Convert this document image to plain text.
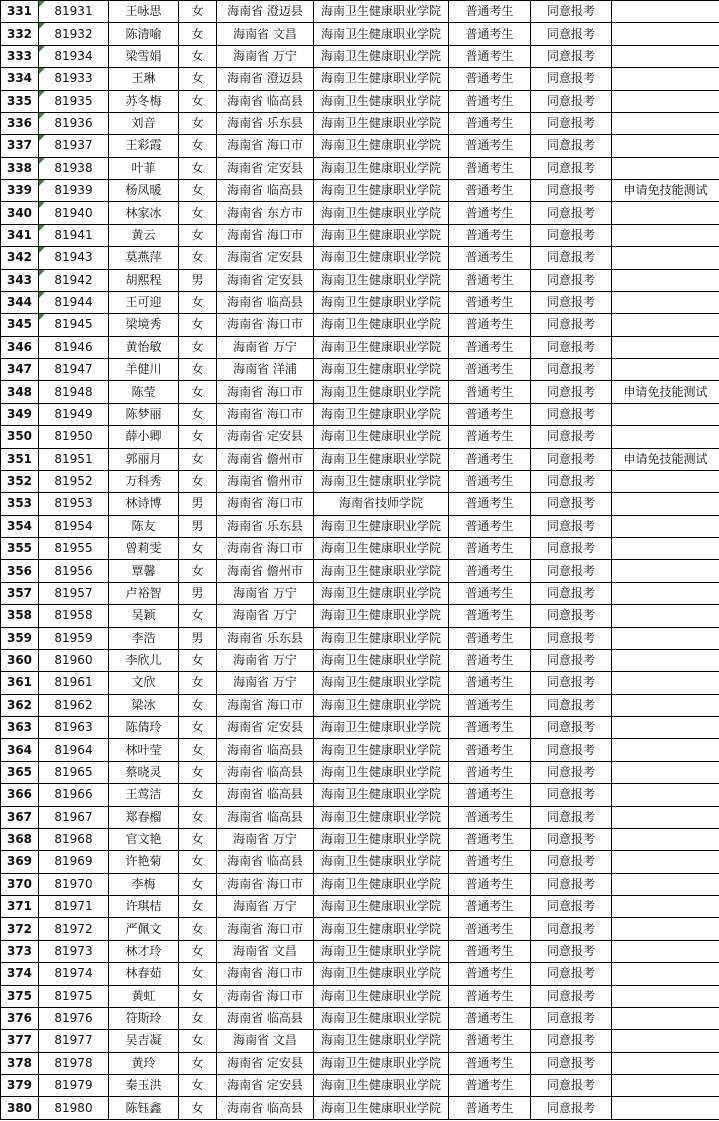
331	81931	王咏思	女	海南省 澄迈县	海南卫生健康职业学院	普通考生	同意报考	
332	81932	陈清喻	女	海南省 文昌	海南卫生健康职业学院	普通考生	同意报考	
333	81934	梁雪娟	女	海南省 万宁	海南卫生健康职业学院	普通考生	同意报考	
334	81933	王琳	女	海南省 澄迈县	海南卫生健康职业学院	普通考生	同意报考	
335	81935	苏冬梅	女	海南省 临高县	海南卫生健康职业学院	普通考生	同意报考	
336	81936	刘音	女	海南省 乐东县	海南卫生健康职业学院	普通考生	同意报考	
337	81937	王彩霞	女	海南省 海口市	海南卫生健康职业学院	普通考生	同意报考	
338	81938	叶菲	女	海南省 定安县	海南卫生健康职业学院	普通考生	同意报考	
339	81939	杨凤暖	女	海南省 临高县	海南卫生健康职业学院	普通考生	同意报考	申请免技能测试
340	81940	林家冰	女	海南省 东方市	海南卫生健康职业学院	普通考生	同意报考	
341	81941	黄云	女	海南省 海口市	海南卫生健康职业学院	普通考生	同意报考	
342	81943	莫燕萍	女	海南省 定安县	海南卫生健康职业学院	普通考生	同意报考	
343	81942	胡熙程	男	海南省 定安县	海南卫生健康职业学院	普通考生	同意报考	
344	81944	王可迎	女	海南省 临高县	海南卫生健康职业学院	普通考生	同意报考	
345	81945	梁境秀	女	海南省 海口市	海南卫生健康职业学院	普通考生	同意报考	
346	81946	黄怡敏	女	海南省 万宁	海南卫生健康职业学院	普通考生	同意报考	
347	81947	羊健川	女	海南省 洋浦	海南卫生健康职业学院	普通考生	同意报考	
348	81948	陈莹	女	海南省 海口市	海南卫生健康职业学院	普通考生	同意报考	申请免技能测试
349	81949	陈梦丽	女	海南省 海口市	海南卫生健康职业学院	普通考生	同意报考	
350	81950	薛小卿	女	海南省 定安县	海南卫生健康职业学院	普通考生	同意报考	
351	81951	郭丽月	女	海南省 儋州市	海南卫生健康职业学院	普通考生	同意报考	申请免技能测试
352	81952	万科秀	女	海南省 儋州市	海南卫生健康职业学院	普通考生	同意报考	
353	81953	林诗博	男	海南省 海口市	海南省技师学院	普通考生	同意报考	
354	81954	陈友	男	海南省 乐东县	海南卫生健康职业学院	普通考生	同意报考	
355	81955	曾莉雯	女	海南省 海口市	海南卫生健康职业学院	普通考生	同意报考	
356	81956	覃馨	女	海南省 儋州市	海南卫生健康职业学院	普通考生	同意报考	
357	81957	卢裕智	男	海南省 万宁	海南卫生健康职业学院	普通考生	同意报考	
358	81958	吴颖	女	海南省 万宁	海南卫生健康职业学院	普通考生	同意报考	
359	81959	李浩	男	海南省 乐东县	海南卫生健康职业学院	普通考生	同意报考	
360	81960	李欣儿	女	海南省 万宁	海南卫生健康职业学院	普通考生	同意报考	
361	81961	文欣	女	海南省 万宁	海南卫生健康职业学院	普通考生	同意报考	
362	81962	梁冰	女	海南省 海口市	海南卫生健康职业学院	普通考生	同意报考	
363	81963	陈倩玲	女	海南省 定安县	海南卫生健康职业学院	普通考生	同意报考	
364	81964	林叶莹	女	海南省 临高县	海南卫生健康职业学院	普通考生	同意报考	
365	81965	蔡晓灵	女	海南省 临高县	海南卫生健康职业学院	普通考生	同意报考	
366	81966	王莺洁	女	海南省 临高县	海南卫生健康职业学院	普通考生	同意报考	
367	81967	郑春榴	女	海南省 临高县	海南卫生健康职业学院	普通考生	同意报考	
368	81968	官文艳	女	海南省 万宁	海南卫生健康职业学院	普通考生	同意报考	
369	81969	许艳菊	女	海南省 临高县	海南卫生健康职业学院	普通考生	同意报考	
370	81970	李梅	女	海南省 海口市	海南卫生健康职业学院	普通考生	同意报考	
371	81971	许琪桔	女	海南省 万宁	海南卫生健康职业学院	普通考生	同意报考	
372	81972	严佩文	女	海南省 海口市	海南卫生健康职业学院	普通考生	同意报考	
373	81973	林才玲	女	海南省 文昌	海南卫生健康职业学院	普通考生	同意报考	
374	81974	林春茹	女	海南省 海口市	海南卫生健康职业学院	普通考生	同意报考	
375	81975	黄虹	女	海南省 海口市	海南卫生健康职业学院	普通考生	同意报考	
376	81976	符斯玲	女	海南省 临高县	海南卫生健康职业学院	普通考生	同意报考	
377	81977	吴吉凝	女	海南省 文昌	海南卫生健康职业学院	普通考生	同意报考	
378	81978	黄玲	女	海南省 定安县	海南卫生健康职业学院	普通考生	同意报考	
379	81979	秦玉洪	女	海南省 定安县	海南卫生健康职业学院	普通考生	同意报考	
380	81980	陈钰鑫	女	海南省 临高县	海南卫生健康职业学院	普通考生	同意报考	
